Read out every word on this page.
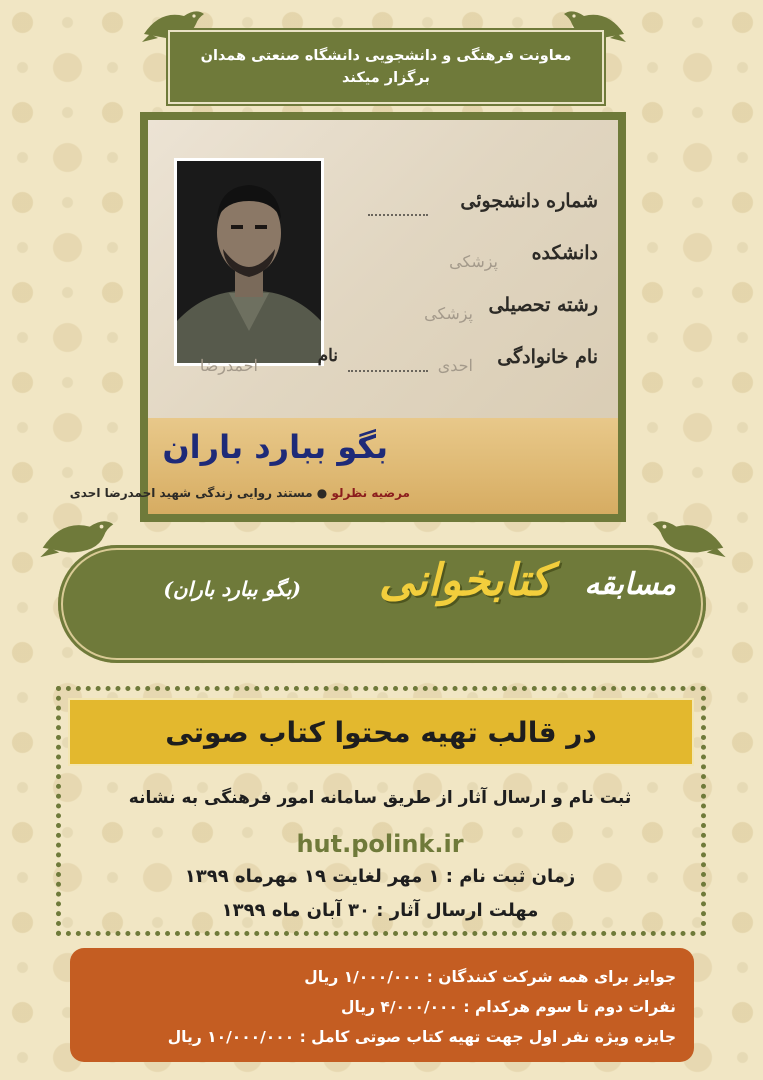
معاونت فرهنگی و دانشجویی دانشگاه صنعتی همدان
برگزار میکند
شماره دانشجوئی
دانشکده
پزشکی
رشته تحصیلی
پزشکی
نام خانوادگی
احدی
نام
احمدرضا
بگو ببارد باران
مرضیه نظرلو ● مستند روایی زندگی شهید احمدرضا احدی
مسابقه
کتابخوانی
(بگو ببارد باران)
در قالب تهیه محتوا کتاب صوتی
ثبت نام و ارسال آثار از طریق سامانه امور فرهنگی به نشانه
hut.polink.ir
زمان ثبت نام : ۱ مهر لغایت ۱۹ مهرماه ۱۳۹۹
مهلت ارسال آثار : ۳۰ آبان ماه ۱۳۹۹
جوایز برای همه شرکت کنندگان : ۱/۰۰۰/۰۰۰ ریال
نفرات دوم تا سوم هرکدام : ۴/۰۰۰/۰۰۰ ریال
جایزه ویژه نفر اول جهت تهیه کتاب صوتی کامل : ۱۰/۰۰۰/۰۰۰ ریال
